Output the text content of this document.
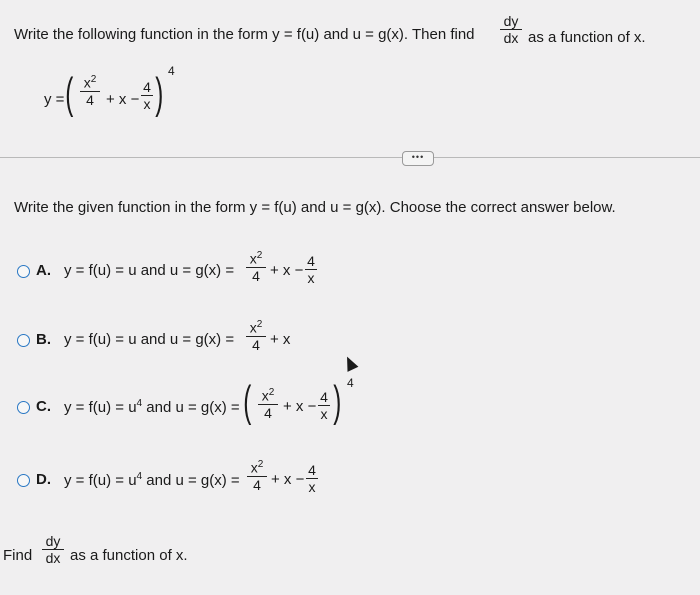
Write the following function in the form y = f(u) and u = g(x). Then find
dy
dx as a function of x.
y = ( $x^2$
4 + x −
4
x ) 4
•••
Write the given function in the form y = f(u) and u = g(x). Choose the correct answer below.
A. y = f(u) = u and u = g(x) =
$x^2$
4 + x −
4
x
B. y = f(u) = u and u = g(x) =
$x^2$
4 + x
C. $y = f(u) = u^4$ and u = g(x) = ( $x^2$
4 + x −
4
x ) 4
D. $y = f(u) = u^4$ and u = g(x) =
$x^2$
4 + x −
4
x
Find
dy
dx as a function of x.
